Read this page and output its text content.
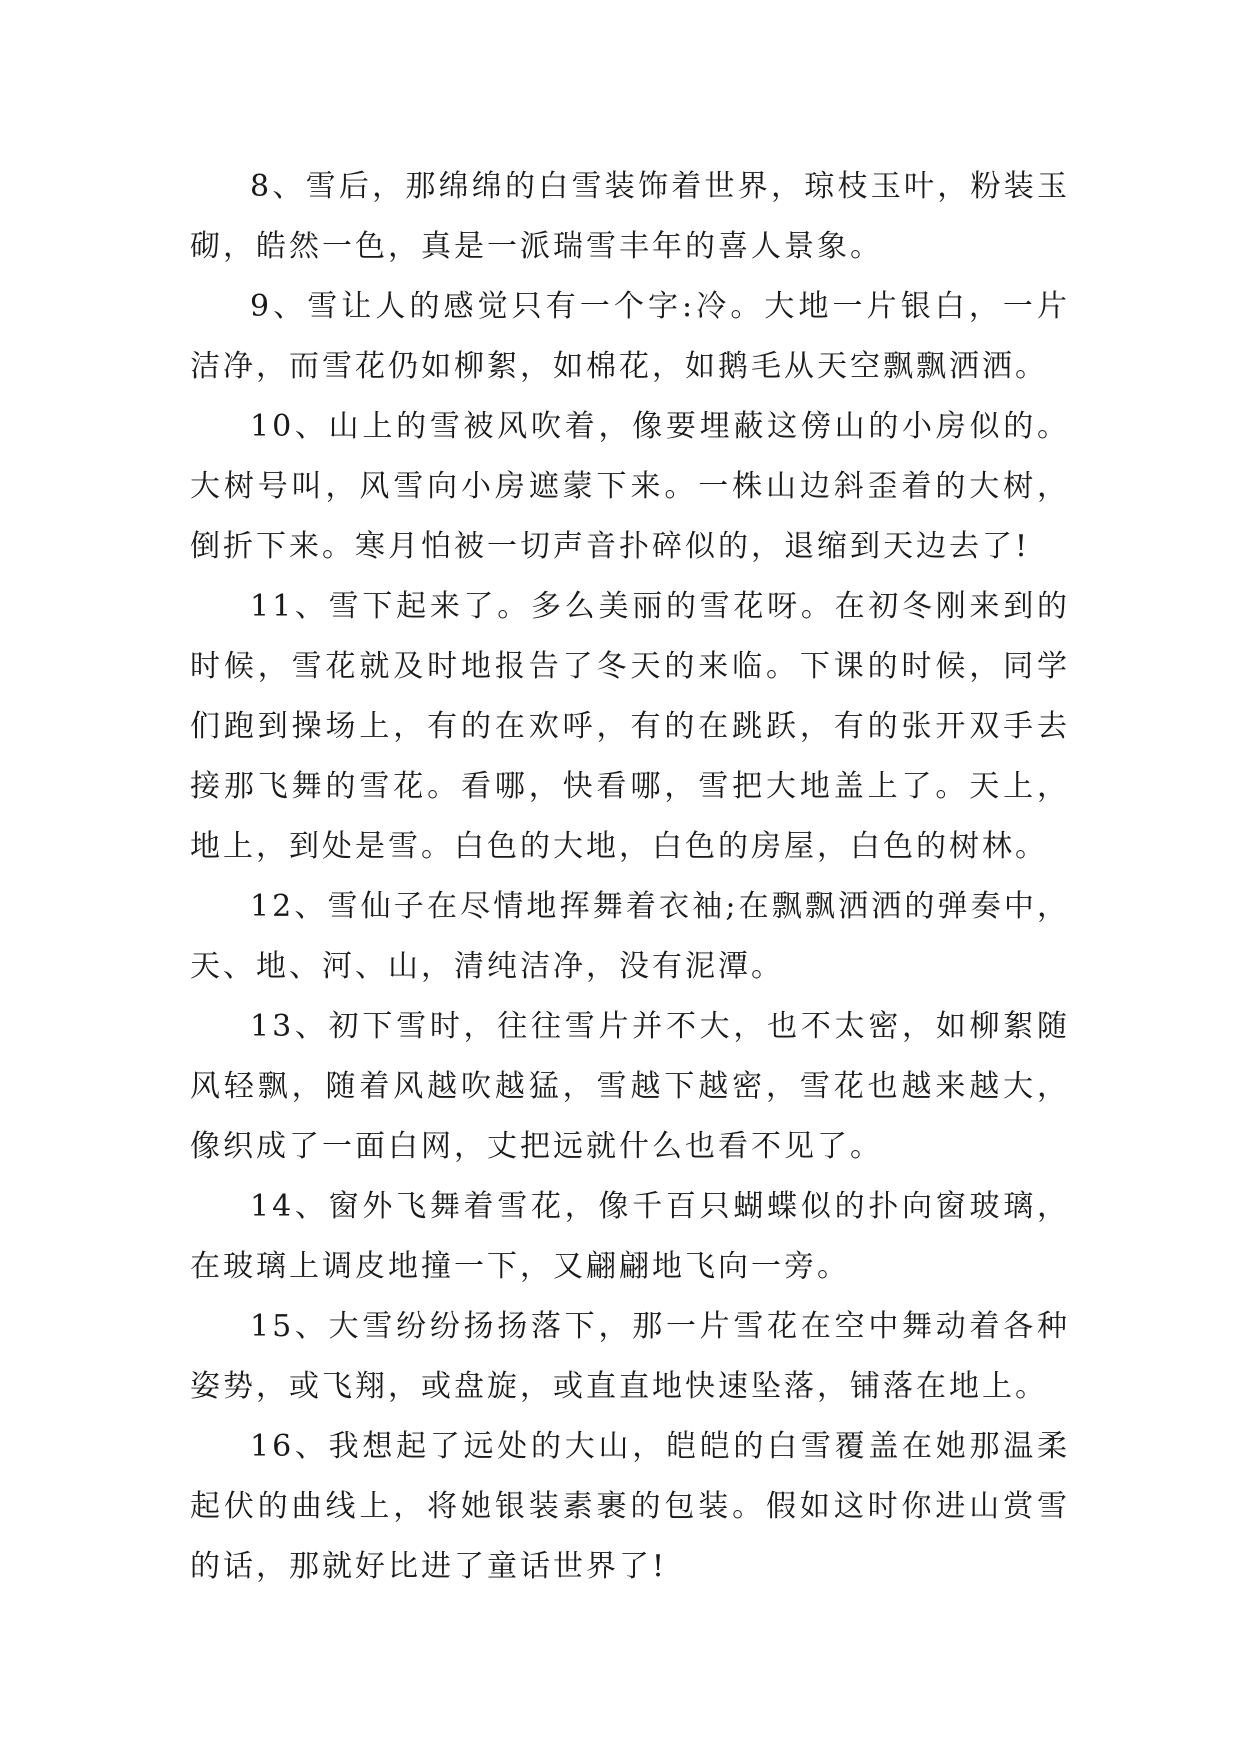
8、雪后，那绵绵的白雪装饰着世界，琼枝玉叶，粉装玉砌，皓然一色，真是一派瑞雪丰年的喜人景象。

9、雪让人的感觉只有一个字:冷。大地一片银白，一片洁净，而雪花仍如柳絮，如棉花，如鹅毛从天空飘飘洒洒。

10、山上的雪被风吹着，像要埋蔽这傍山的小房似的。大树号叫，风雪向小房遮蒙下来。一株山边斜歪着的大树，倒折下来。寒月怕被一切声音扑碎似的，退缩到天边去了!

11、雪下起来了。多么美丽的雪花呀。在初冬刚来到的时候，雪花就及时地报告了冬天的来临。下课的时候，同学们跑到操场上，有的在欢呼，有的在跳跃，有的张开双手去接那飞舞的雪花。看哪，快看哪，雪把大地盖上了。天上，地上，到处是雪。白色的大地，白色的房屋，白色的树林。

12、雪仙子在尽情地挥舞着衣袖;在飘飘洒洒的弹奏中，天、地、河、山，清纯洁净，没有泥潭。

13、初下雪时，往往雪片并不大，也不太密，如柳絮随风轻飘，随着风越吹越猛，雪越下越密，雪花也越来越大，像织成了一面白网，丈把远就什么也看不见了。

14、窗外飞舞着雪花，像千百只蝴蝶似的扑向窗玻璃，在玻璃上调皮地撞一下，又翩翩地飞向一旁。

15、大雪纷纷扬扬落下，那一片雪花在空中舞动着各种姿势，或飞翔，或盘旋，或直直地快速坠落，铺落在地上。

16、我想起了远处的大山，皑皑的白雪覆盖在她那温柔起伏的曲线上，将她银装素裹的包装。假如这时你进山赏雪的话，那就好比进了童话世界了!
